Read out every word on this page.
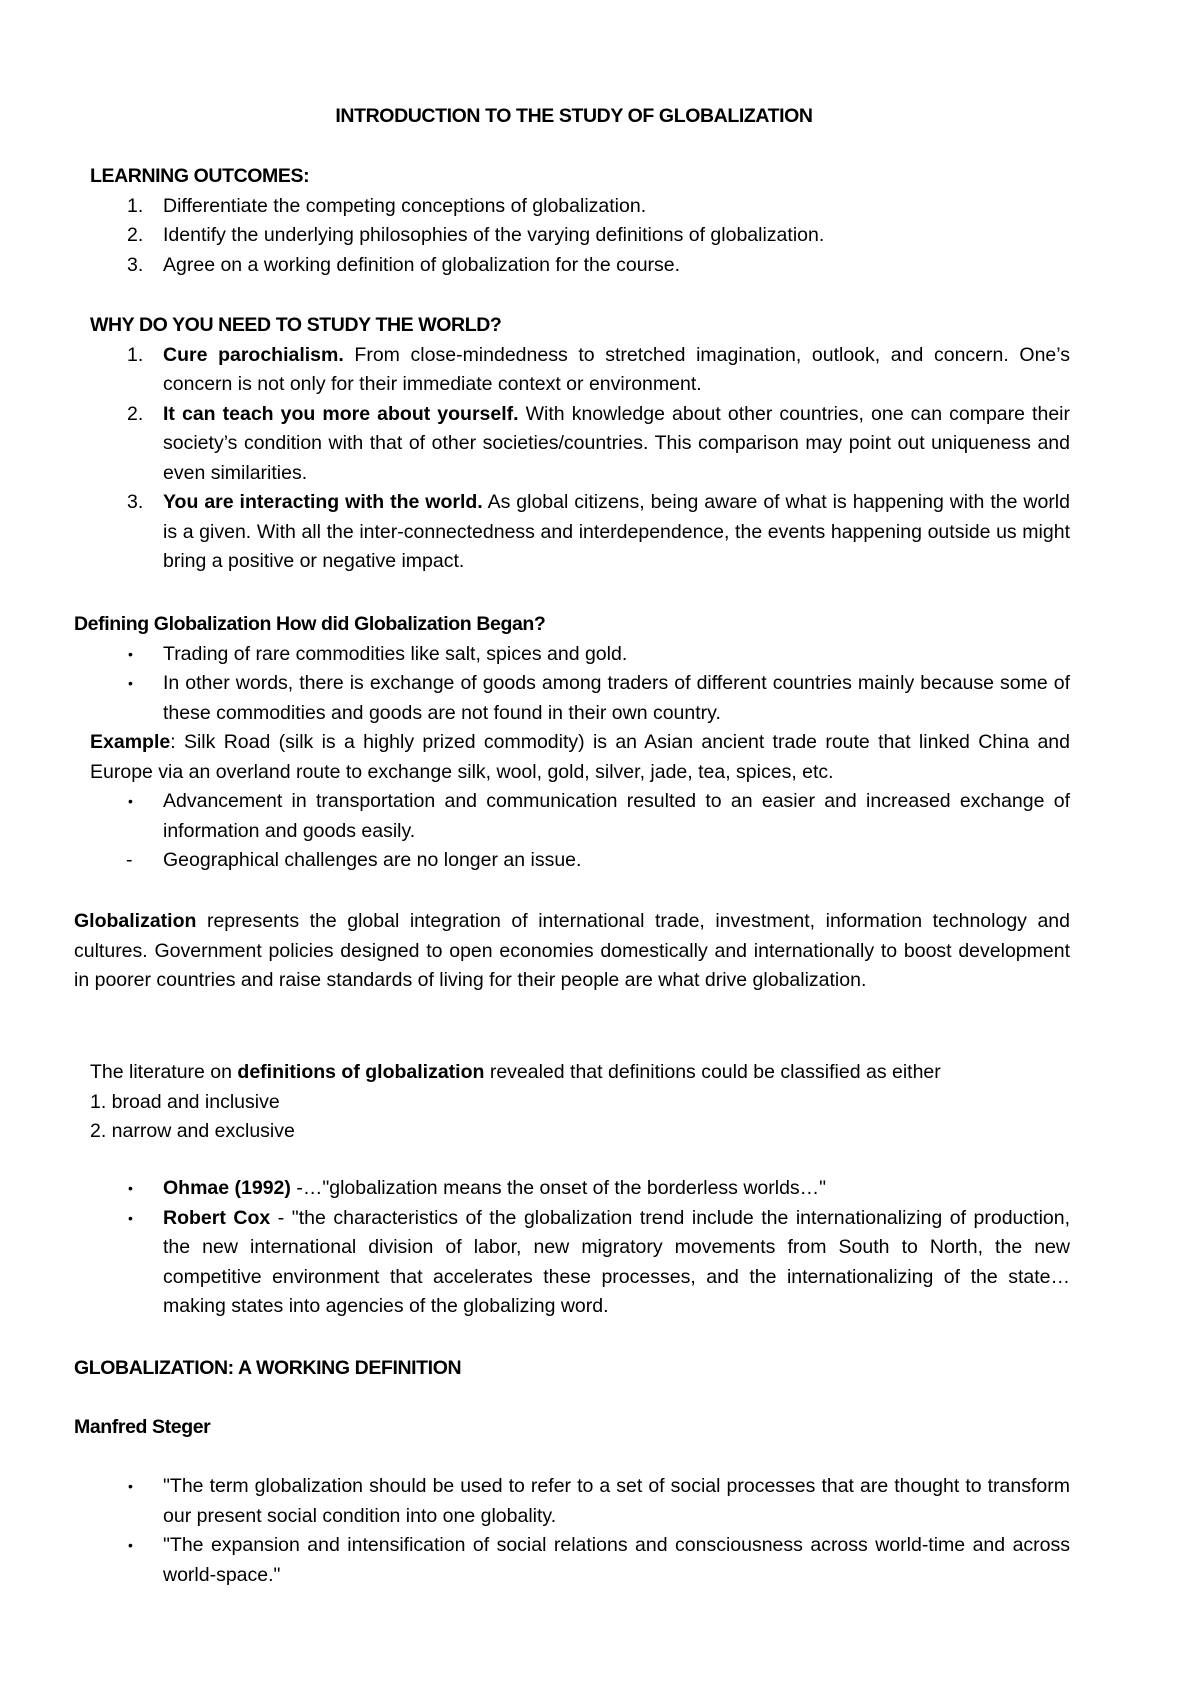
INTRODUCTION TO THE STUDY OF GLOBALIZATION
LEARNING OUTCOMES:
1. Differentiate the competing conceptions of globalization.
2. Identify the underlying philosophies of the varying definitions of globalization.
3. Agree on a working definition of globalization for the course.
WHY DO YOU NEED TO STUDY THE WORLD?
1. Cure parochialism. From close-mindedness to stretched imagination, outlook, and concern. One’s concern is not only for their immediate context or environment.
2. It can teach you more about yourself. With knowledge about other countries, one can compare their society’s condition with that of other societies/countries. This comparison may point out uniqueness and even similarities.
3. You are interacting with the world. As global citizens, being aware of what is happening with the world is a given. With all the inter-connectedness and interdependence, the events happening outside us might bring a positive or negative impact.
Defining Globalization How did Globalization Began?
• Trading of rare commodities like salt, spices and gold.
• In other words, there is exchange of goods among traders of different countries mainly because some of these commodities and goods are not found in their own country.
Example: Silk Road (silk is a highly prized commodity) is an Asian ancient trade route that linked China and Europe via an overland route to exchange silk, wool, gold, silver, jade, tea, spices, etc.
• Advancement in transportation and communication resulted to an easier and increased exchange of information and goods easily.
- Geographical challenges are no longer an issue.
Globalization represents the global integration of international trade, investment, information technology and cultures. Government policies designed to open economies domestically and internationally to boost development in poorer countries and raise standards of living for their people are what drive globalization.
The literature on definitions of globalization revealed that definitions could be classified as either
1. broad and inclusive
2. narrow and exclusive
• Ohmae (1992) -…"globalization means the onset of the borderless worlds…"
• Robert Cox - "the characteristics of the globalization trend include the internationalizing of production, the new international division of labor, new migratory movements from South to North, the new competitive environment that accelerates these processes, and the internationalizing of the state…making states into agencies of the globalizing word.
GLOBALIZATION: A WORKING DEFINITION
Manfred Steger
• "The term globalization should be used to refer to a set of social processes that are thought to transform our present social condition into one globality.
• "The expansion and intensification of social relations and consciousness across world-time and across world-space."
